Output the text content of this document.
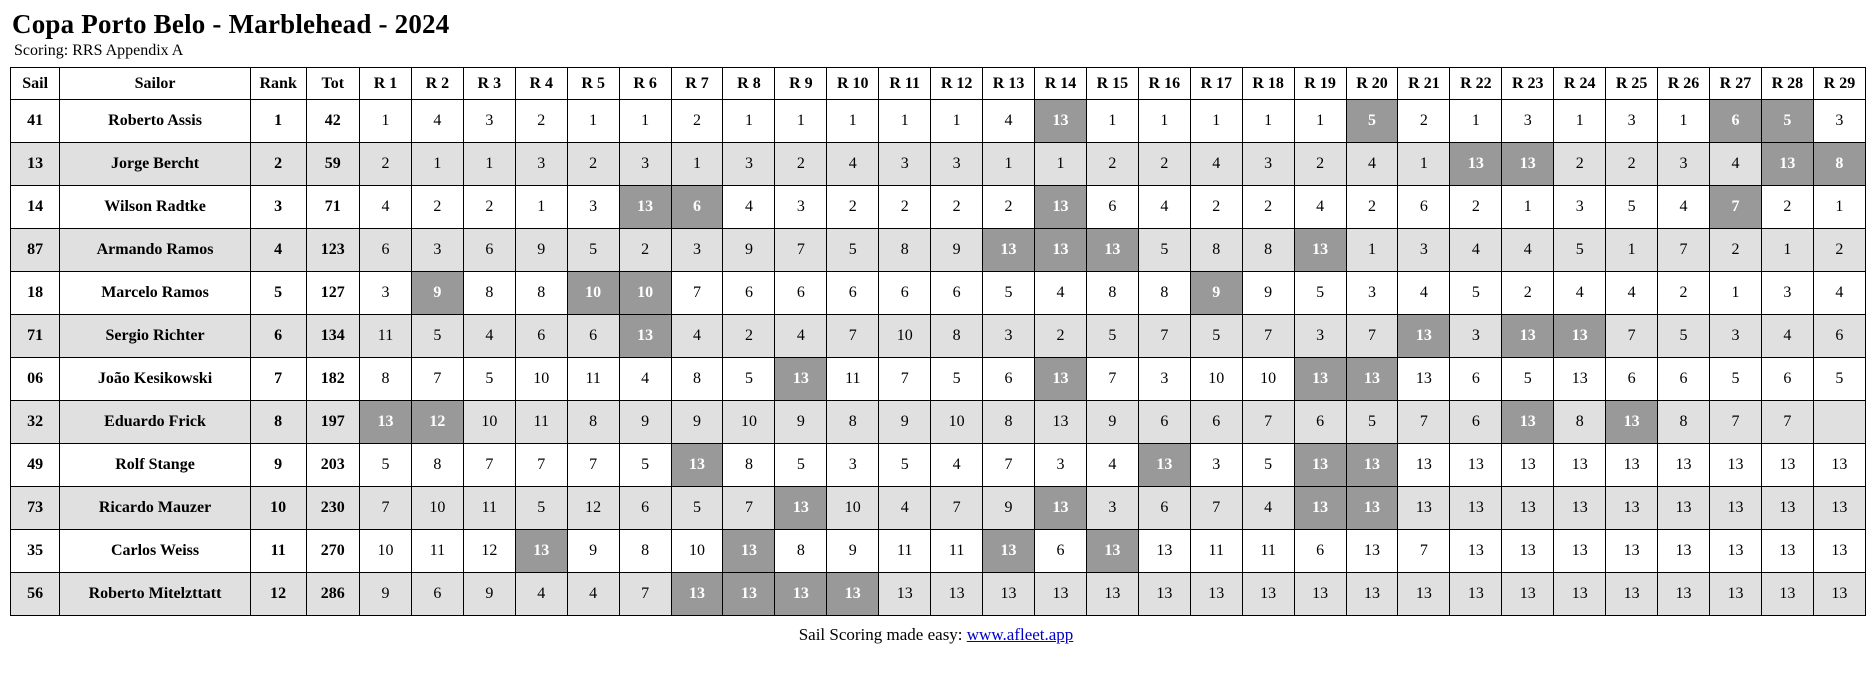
Copa Porto Belo - Marblehead - 2024
Scoring: RRS Appendix A
Sail	Sailor	Rank	Tot	R 1	R 2	R 3	R 4	R 5	R 6	R 7	R 8	R 9	R 10	R 11	R 12	R 13	R 14	R 15	R 16	R 17	R 18	R 19	R 20	R 21	R 22	R 23	R 24	R 25	R 26	R 27	R 28	R 29
41	Roberto Assis	1	42	1	4	3	2	1	1	2	1	1	1	1	1	4	13	1	1	1	1	1	5	2	1	3	1	3	1	6	5	3
13	Jorge Bercht	2	59	2	1	1	3	2	3	1	3	2	4	3	3	1	1	2	2	4	3	2	4	1	13	13	2	2	3	4	13	8
14	Wilson Radtke	3	71	4	2	2	1	3	13	6	4	3	2	2	2	2	13	6	4	2	2	4	2	6	2	1	3	5	4	7	2	1
87	Armando Ramos	4	123	6	3	6	9	5	2	3	9	7	5	8	9	13	13	13	5	8	8	13	1	3	4	4	5	1	7	2	1	2
18	Marcelo Ramos	5	127	3	9	8	8	10	10	7	6	6	6	6	6	5	4	8	8	9	9	5	3	4	5	2	4	4	2	1	3	4
71	Sergio Richter	6	134	11	5	4	6	6	13	4	2	4	7	10	8	3	2	5	7	5	7	3	7	13	3	13	13	7	5	3	4	6
06	João Kesikowski	7	182	8	7	5	10	11	4	8	5	13	11	7	5	6	13	7	3	10	10	13	13	13	6	5	13	6	6	5	6	5
32	Eduardo Frick	8	197	13	12	10	11	8	9	9	10	9	8	9	10	8	13	9	6	6	7	6	5	7	6	13	8	13	8	7	7	
49	Rolf Stange	9	203	5	8	7	7	7	5	13	8	5	3	5	4	7	3	4	13	3	5	13	13	13	13	13	13	13	13	13	13	13
73	Ricardo Mauzer	10	230	7	10	11	5	12	6	5	7	13	10	4	7	9	13	3	6	7	4	13	13	13	13	13	13	13	13	13	13	13
35	Carlos Weiss	11	270	10	11	12	13	9	8	10	13	8	9	11	11	13	6	13	13	11	11	6	13	7	13	13	13	13	13	13	13	13
56	Roberto Mitelzttatt	12	286	9	6	9	4	4	7	13	13	13	13	13	13	13	13	13	13	13	13	13	13	13	13	13	13	13	13	13	13	13
Sail Scoring made easy: www.afleet.app
